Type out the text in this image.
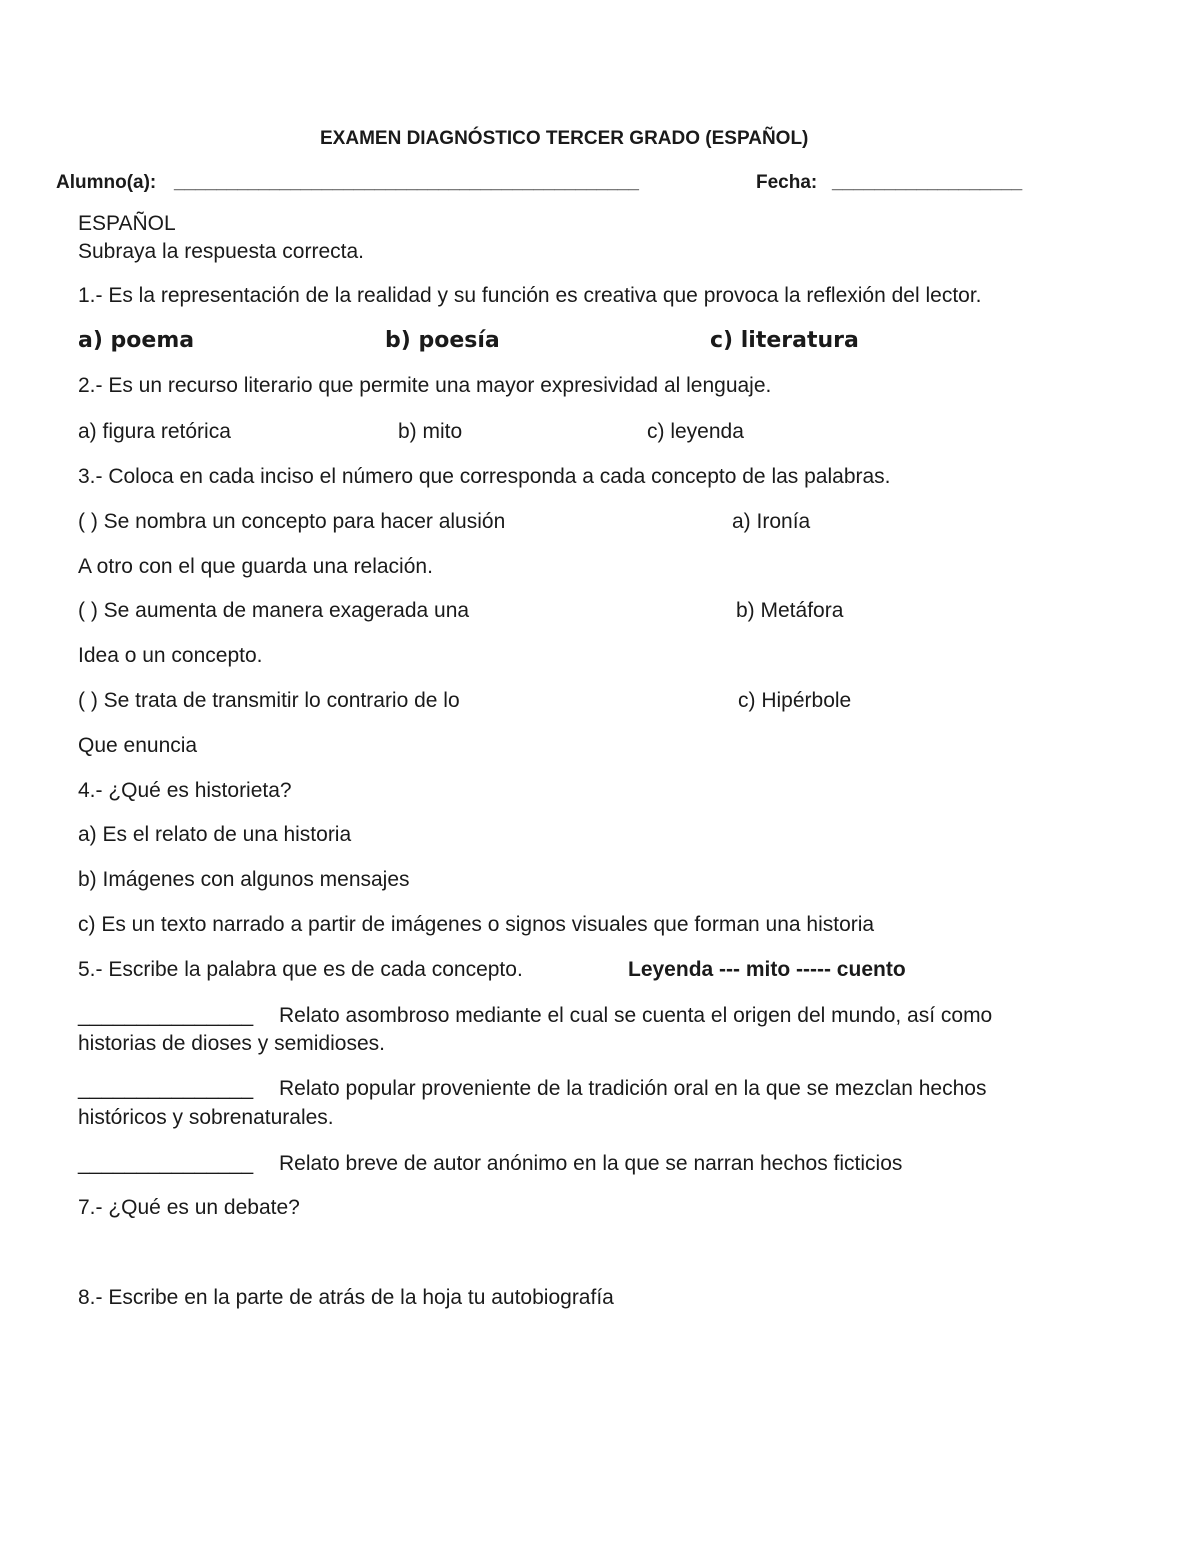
EXAMEN DIAGNÓSTICO TERCER GRADO (ESPAÑOL)
Alumno(a): ____________________________________________	Fecha: __________________
ESPAÑOL
Subraya la respuesta correcta.
1.- Es la representación de la realidad y su función es creativa que provoca la reflexión del lector.
a) poema	b) poesía	c) literatura
2.- Es un recurso literario que permite una mayor expresividad al lenguaje.
a) figura retórica	b) mito	c) leyenda
3.- Coloca en cada inciso el número que corresponda a cada concepto de las palabras.
( ) Se nombra un concepto para hacer alusión	a) Ironía
A otro con el que guarda una relación.
( ) Se aumenta de manera exagerada una	b) Metáfora
Idea o un concepto.
( ) Se trata de transmitir lo contrario de lo	c) Hipérbole
Que enuncia
4.- ¿Qué es historieta?
a) Es el relato de una historia
b) Imágenes con algunos mensajes
c) Es un texto narrado a partir de imágenes o signos visuales que forman una historia
5.- Escribe la palabra que es de cada concepto.	Leyenda --- mito ----- cuento
_______________ Relato asombroso mediante el cual se cuenta el origen del mundo, así como
historias de dioses y semidioses.
_______________ Relato popular proveniente de la tradición oral en la que se mezclan hechos
históricos y sobrenaturales.
_______________ Relato breve de autor anónimo en la que se narran hechos ficticios
7.- ¿Qué es un debate?
8.- Escribe en la parte de atrás de la hoja tu autobiografía
